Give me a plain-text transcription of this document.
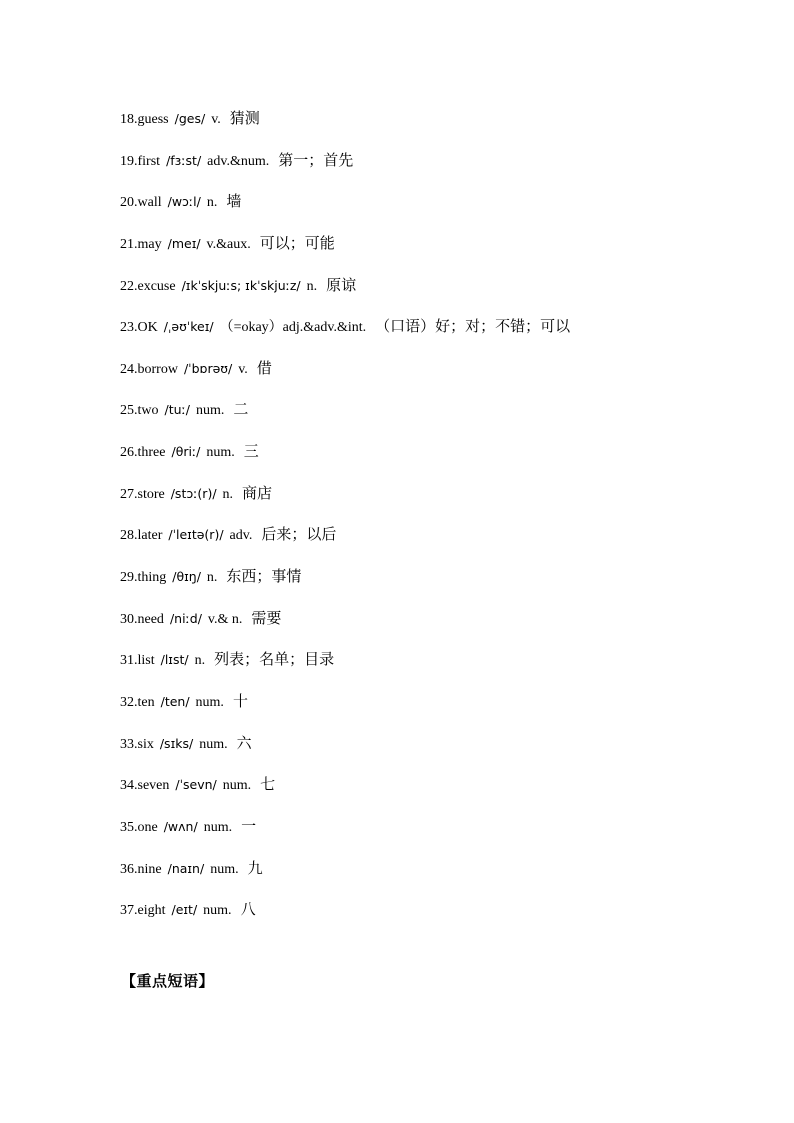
18.guess /ges/ v. 猜测
19.first /fɜːst/ adv.&num. 第一；首先
20.wall /wɔːl/ n. 墙
21.may /meɪ/ v.&aux. 可以；可能
22.excuse /ɪkˈskjuːs; ɪkˈskjuːz/ n. 原谅
23.OK /ˌəʊˈkeɪ/ （=okay）adj.&adv.&int. （口语）好；对；不错；可以
24.borrow /ˈbɒrəʊ/ v. 借
25.two /tuː/ num. 二
26.three /θriː/ num. 三
27.store /stɔː(r)/ n. 商店
28.later /ˈleɪtə(r)/ adv. 后来；以后
29.thing /θɪŋ/ n. 东西；事情
30.need /niːd/ v.& n. 需要
31.list /lɪst/ n. 列表；名单；目录
32.ten /ten/ num. 十
33.six /sɪks/ num. 六
34.seven /ˈsevn/ num. 七
35.one /wʌn/ num. 一
36.nine /naɪn/ num. 九
37.eight /eɪt/ num. 八
【重点短语】
